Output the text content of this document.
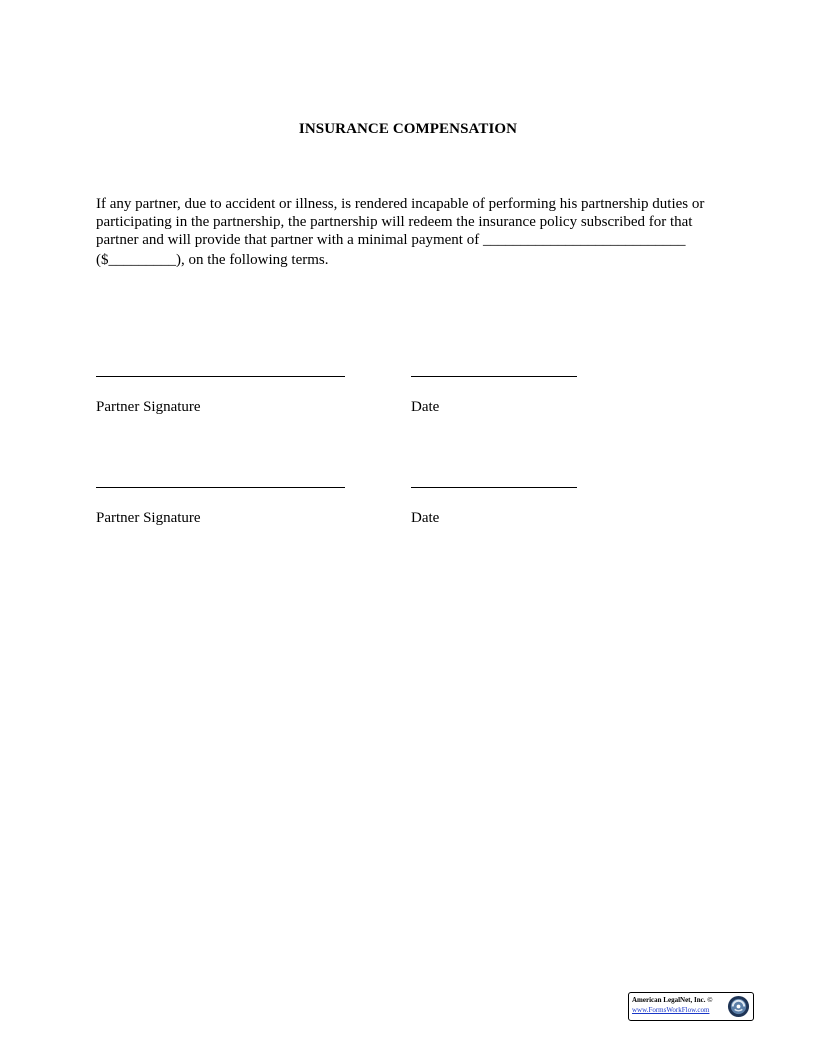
INSURANCE COMPENSATION
If any partner, due to accident or illness, is rendered incapable of performing his partnership duties or
participating in the partnership, the partnership will redeem the insurance policy subscribed for that
partner and will provide that partner with a minimal payment of ___________________________
($_________), on the following terms.
Partner Signature	Date
Partner Signature	Date
American LegalNet, Inc. ©
www.FormsWorkFlow.com
